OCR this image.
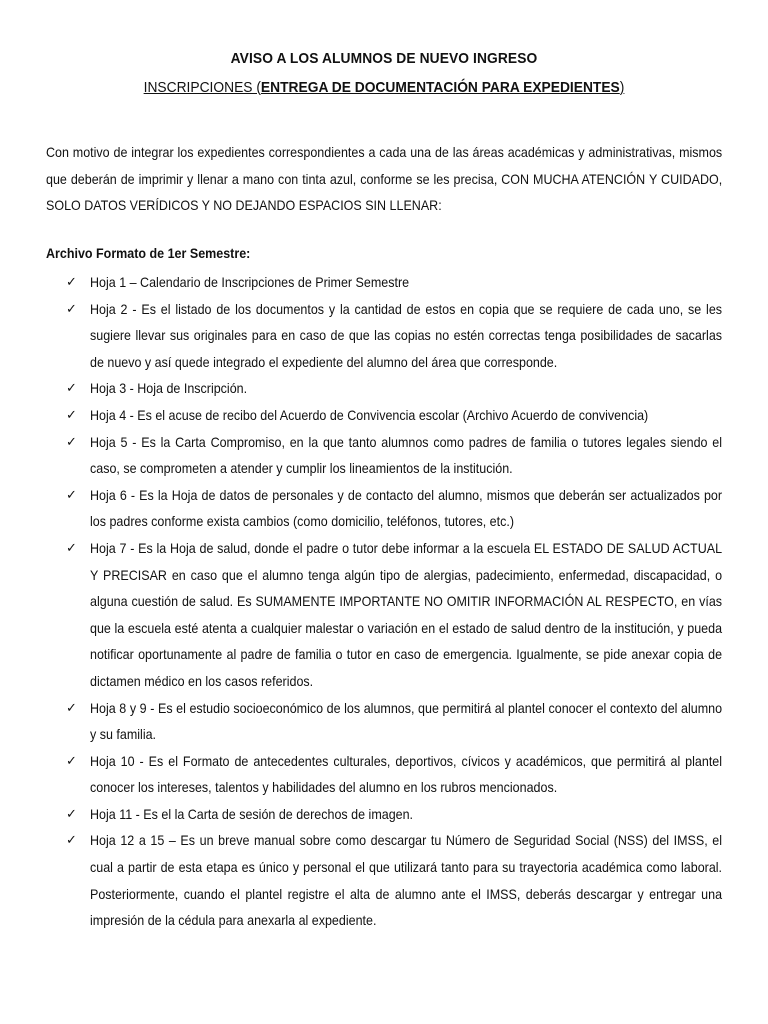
AVISO A LOS ALUMNOS DE NUEVO INGRESO
INSCRIPCIONES (ENTREGA DE DOCUMENTACIÓN PARA EXPEDIENTES)
Con motivo de integrar los expedientes correspondientes a cada una de las áreas académicas y administrativas, mismos que deberán de imprimir y llenar a mano con tinta azul, conforme se les precisa, CON MUCHA ATENCIÓN Y CUIDADO, SOLO DATOS VERÍDICOS Y NO DEJANDO ESPACIOS SIN LLENAR:
Archivo Formato de 1er Semestre:
✓ Hoja 1 – Calendario de Inscripciones de Primer Semestre
✓ Hoja 2 - Es el listado de los documentos y la cantidad de estos en copia que se requiere de cada uno, se les sugiere llevar sus originales para en caso de que las copias no estén correctas tenga posibilidades de sacarlas de nuevo y así quede integrado el expediente del alumno del área que corresponde.
✓ Hoja 3 - Hoja de Inscripción.
✓ Hoja 4 - Es el acuse de recibo del Acuerdo de Convivencia escolar (Archivo Acuerdo de convivencia)
✓ Hoja 5 - Es la Carta Compromiso, en la que tanto alumnos como padres de familia o tutores legales siendo el caso, se comprometen a atender y cumplir los lineamientos de la institución.
✓ Hoja 6 - Es la Hoja de datos de personales y de contacto del alumno, mismos que deberán ser actualizados por los padres conforme exista cambios (como domicilio, teléfonos, tutores, etc.)
✓ Hoja 7 - Es la Hoja de salud, donde el padre o tutor debe informar a la escuela EL ESTADO DE SALUD ACTUAL Y PRECISAR en caso que el alumno tenga algún tipo de alergias, padecimiento, enfermedad, discapacidad, o alguna cuestión de salud. Es SUMAMENTE IMPORTANTE NO OMITIR INFORMACIÓN AL RESPECTO, en vías que la escuela esté atenta a cualquier malestar o variación en el estado de salud dentro de la institución, y pueda notificar oportunamente al padre de familia o tutor en caso de emergencia. Igualmente, se pide anexar copia de dictamen médico en los casos referidos.
✓ Hoja 8 y 9 - Es el estudio socioeconómico de los alumnos, que permitirá al plantel conocer el contexto del alumno y su familia.
✓ Hoja 10 - Es el Formato de antecedentes culturales, deportivos, cívicos y académicos, que permitirá al plantel conocer los intereses, talentos y habilidades del alumno en los rubros mencionados.
✓ Hoja 11 - Es el la Carta de sesión de derechos de imagen.
✓ Hoja 12 a 15 – Es un breve manual sobre como descargar tu Número de Seguridad Social (NSS) del IMSS, el cual a partir de esta etapa es único y personal el que utilizará tanto para su trayectoria académica como laboral. Posteriormente, cuando el plantel registre el alta de alumno ante el IMSS, deberás descargar y entregar una impresión de la cédula para anexarla al expediente.
